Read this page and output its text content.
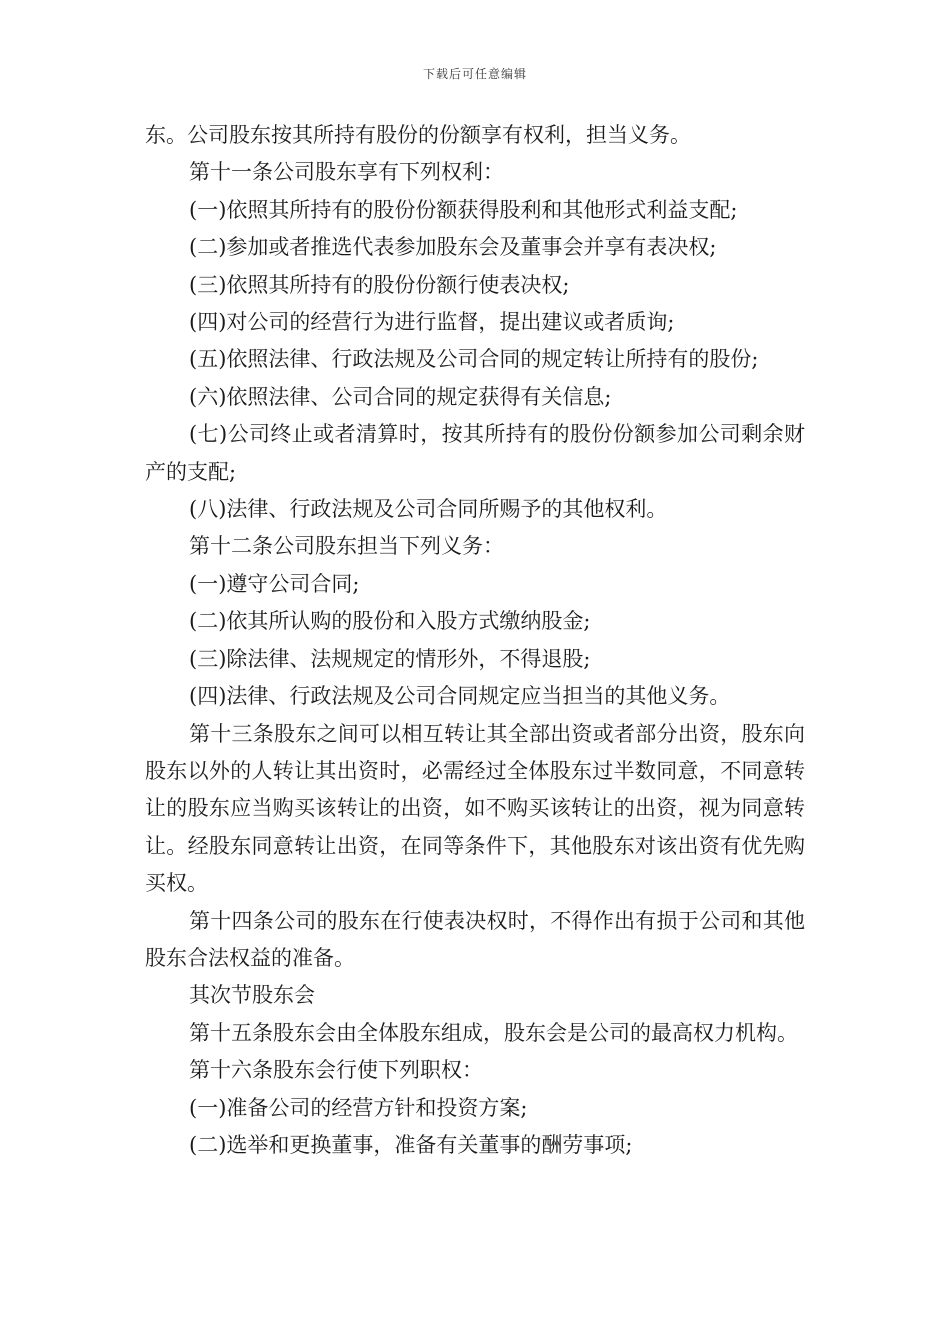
下载后可任意编辑

东。公司股东按其所持有股份的份额享有权利，担当义务。

第十一条公司股东享有下列权利：

(一)依照其所持有的股份份额获得股利和其他形式利益支配;

(二)参加或者推选代表参加股东会及董事会并享有表决权;

(三)依照其所持有的股份份额行使表决权;

(四)对公司的经营行为进行监督，提出建议或者质询;

(五)依照法律、行政法规及公司合同的规定转让所持有的股份;

(六)依照法律、公司合同的规定获得有关信息;

(七)公司终止或者清算时，按其所持有的股份份额参加公司剩余财产的支配;

(八)法律、行政法规及公司合同所赐予的其他权利。

第十二条公司股东担当下列义务：

(一)遵守公司合同;

(二)依其所认购的股份和入股方式缴纳股金;

(三)除法律、法规规定的情形外，不得退股;

(四)法律、行政法规及公司合同规定应当担当的其他义务。

第十三条股东之间可以相互转让其全部出资或者部分出资，股东向股东以外的人转让其出资时，必需经过全体股东过半数同意，不同意转让的股东应当购买该转让的出资，如不购买该转让的出资，视为同意转让。经股东同意转让出资，在同等条件下，其他股东对该出资有优先购买权。

第十四条公司的股东在行使表决权时，不得作出有损于公司和其他股东合法权益的准备。

其次节股东会

第十五条股东会由全体股东组成，股东会是公司的最高权力机构。

第十六条股东会行使下列职权：

(一)准备公司的经营方针和投资方案;

(二)选举和更换董事，准备有关董事的酬劳事项;
